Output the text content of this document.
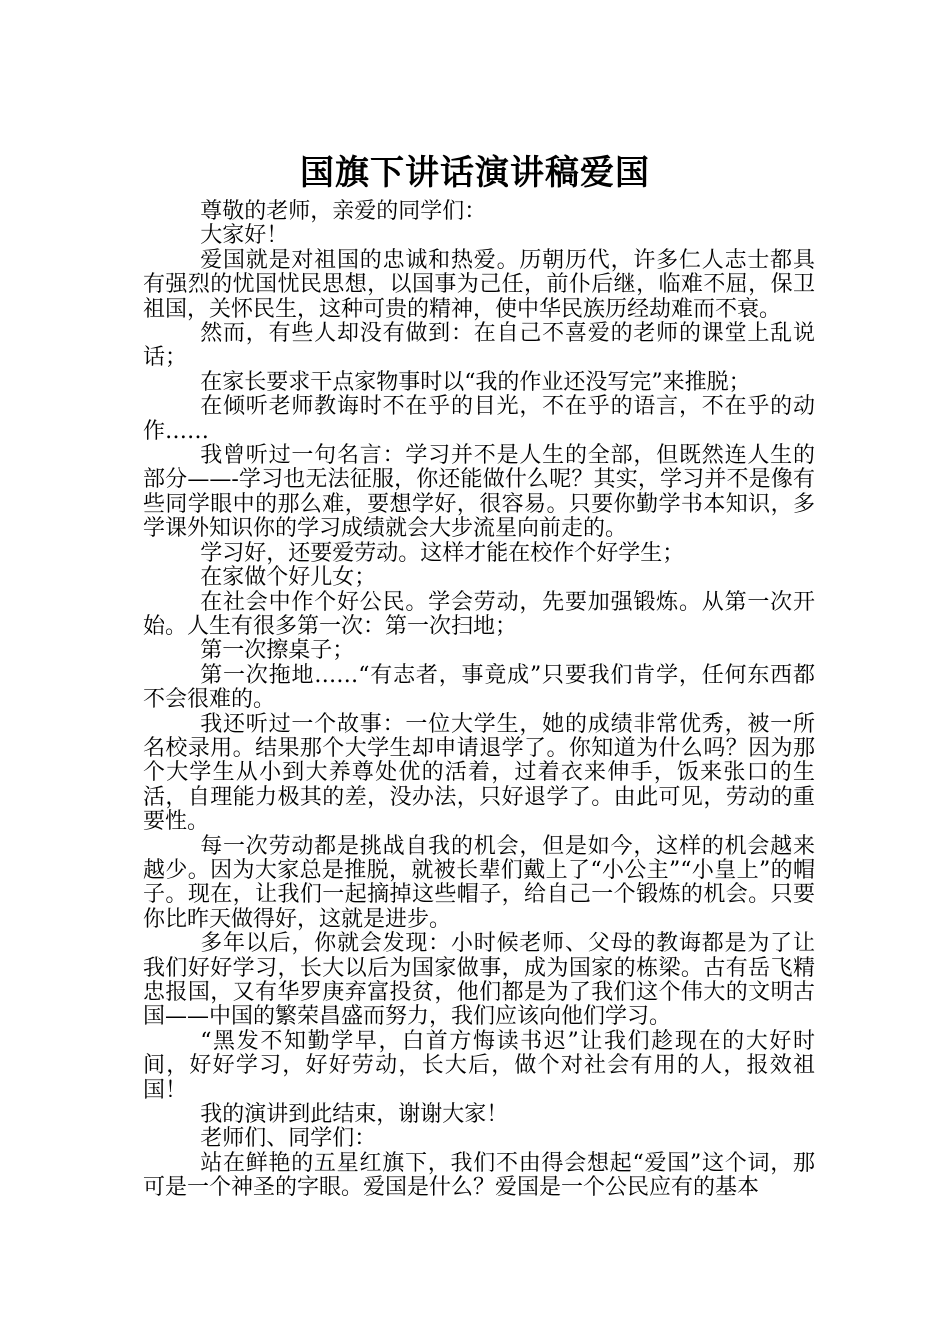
国旗下讲话演讲稿爱国

尊敬的老师，亲爱的同学们：

大家好！

爱国就是对祖国的忠诚和热爱。历朝历代，许多仁人志士都具有强烈的忧国忧民思想，以国事为己任，前仆后继，临难不屈，保卫祖国，关怀民生，这种可贵的精神，使中华民族历经劫难而不衰。

然而，有些人却没有做到：在自己不喜爱的老师的课堂上乱说话；

在家长要求干点家物事时以“我的作业还没写完”来推脱；

在倾听老师教诲时不在乎的目光，不在乎的语言，不在乎的动作……

我曾听过一句名言：学习并不是人生的全部，但既然连人生的部分——-学习也无法征服，你还能做什么呢？其实，学习并不是像有些同学眼中的那么难，要想学好，很容易。只要你勤学书本知识，多学课外知识你的学习成绩就会大步流星向前走的。

学习好，还要爱劳动。这样才能在校作个好学生；

在家做个好儿女；

在社会中作个好公民。学会劳动，先要加强锻炼。从第一次开始。人生有很多第一次：第一次扫地；

第一次擦桌子；

第一次拖地……“有志者，事竟成”只要我们肯学，任何东西都不会很难的。

我还听过一个故事：一位大学生，她的成绩非常优秀，被一所名校录用。结果那个大学生却申请退学了。你知道为什么吗？因为那个大学生从小到大养尊处优的活着，过着衣来伸手，饭来张口的生活，自理能力极其的差，没办法，只好退学了。由此可见，劳动的重要性。

每一次劳动都是挑战自我的机会，但是如今，这样的机会越来越少。因为大家总是推脱，就被长辈们戴上了“小公主”“小皇上”的帽子。现在，让我们一起摘掉这些帽子，给自己一个锻炼的机会。只要你比昨天做得好，这就是进步。

多年以后，你就会发现：小时候老师、父母的教诲都是为了让我们好好学习，长大以后为国家做事，成为国家的栋梁。古有岳飞精忠报国，又有华罗庚弃富投贫，他们都是为了我们这个伟大的文明古国——中国的繁荣昌盛而努力，我们应该向他们学习。

“黑发不知勤学早，白首方悔读书迟”让我们趁现在的大好时间，好好学习，好好劳动，长大后，做个对社会有用的人，报效祖国！

我的演讲到此结束，谢谢大家！

老师们、同学们：

站在鲜艳的五星红旗下，我们不由得会想起“爱国”这个词，那可是一个神圣的字眼。爱国是什么？爱国是一个公民应有的基本
